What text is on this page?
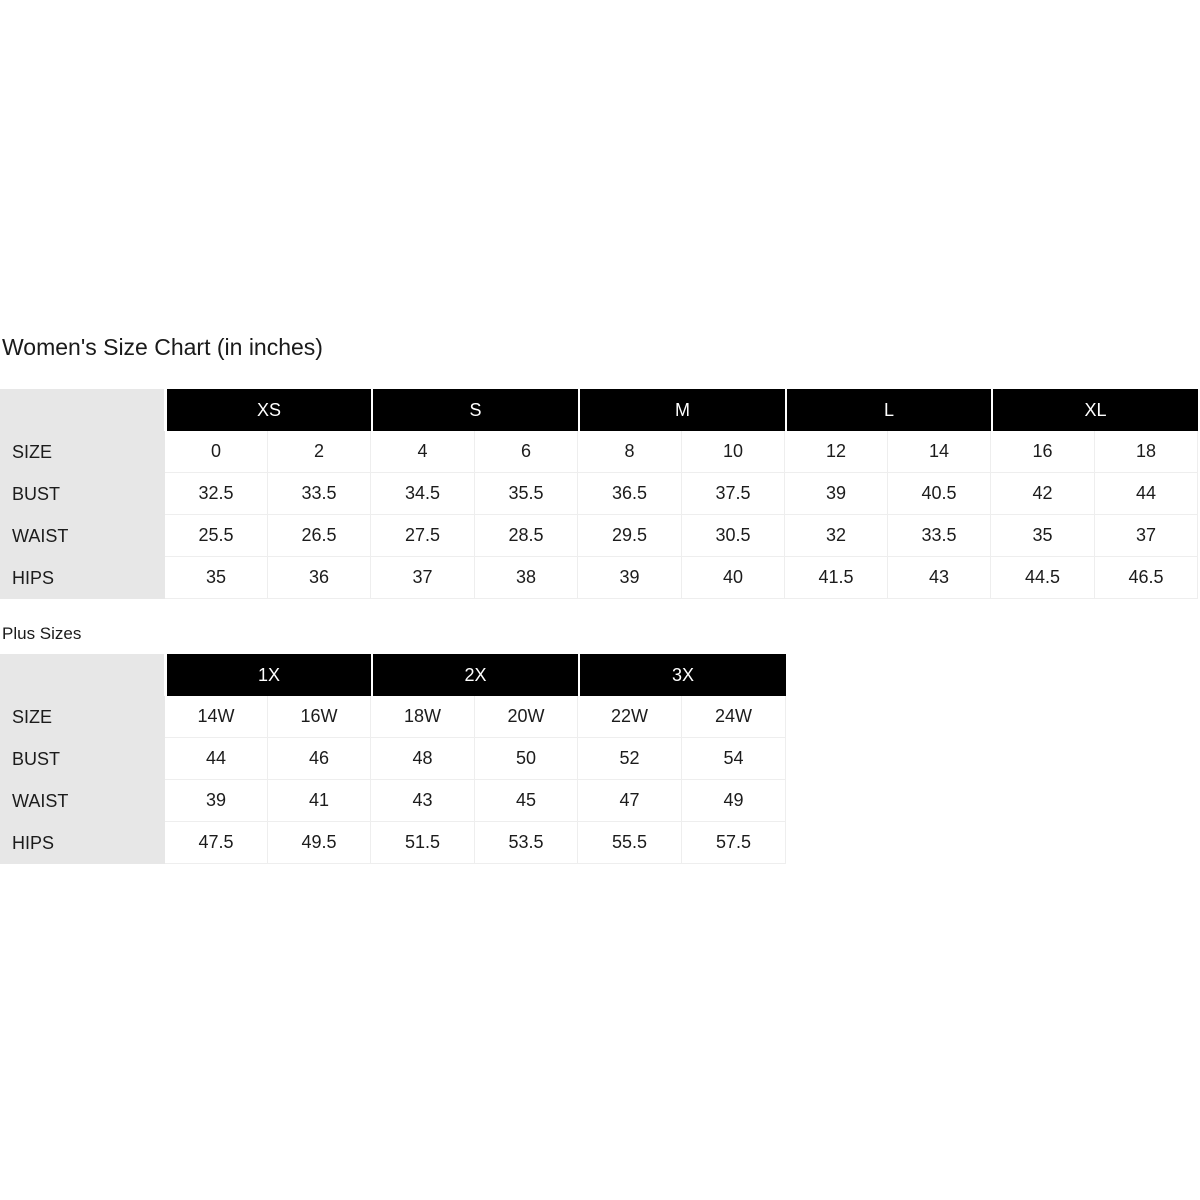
Women's Size Chart (in inches)
	XS		S		M		L		XL	
SIZE	0	2	4	6	8	10	12	14	16	18
BUST	32.5	33.5	34.5	35.5	36.5	37.5	39	40.5	42	44
WAIST	25.5	26.5	27.5	28.5	29.5	30.5	32	33.5	35	37
HIPS	35	36	37	38	39	40	41.5	43	44.5	46.5
Plus Sizes
	1X		2X		3X	
SIZE	14W	16W	18W	20W	22W	24W
BUST	44	46	48	50	52	54
WAIST	39	41	43	45	47	49
HIPS	47.5	49.5	51.5	53.5	55.5	57.5
